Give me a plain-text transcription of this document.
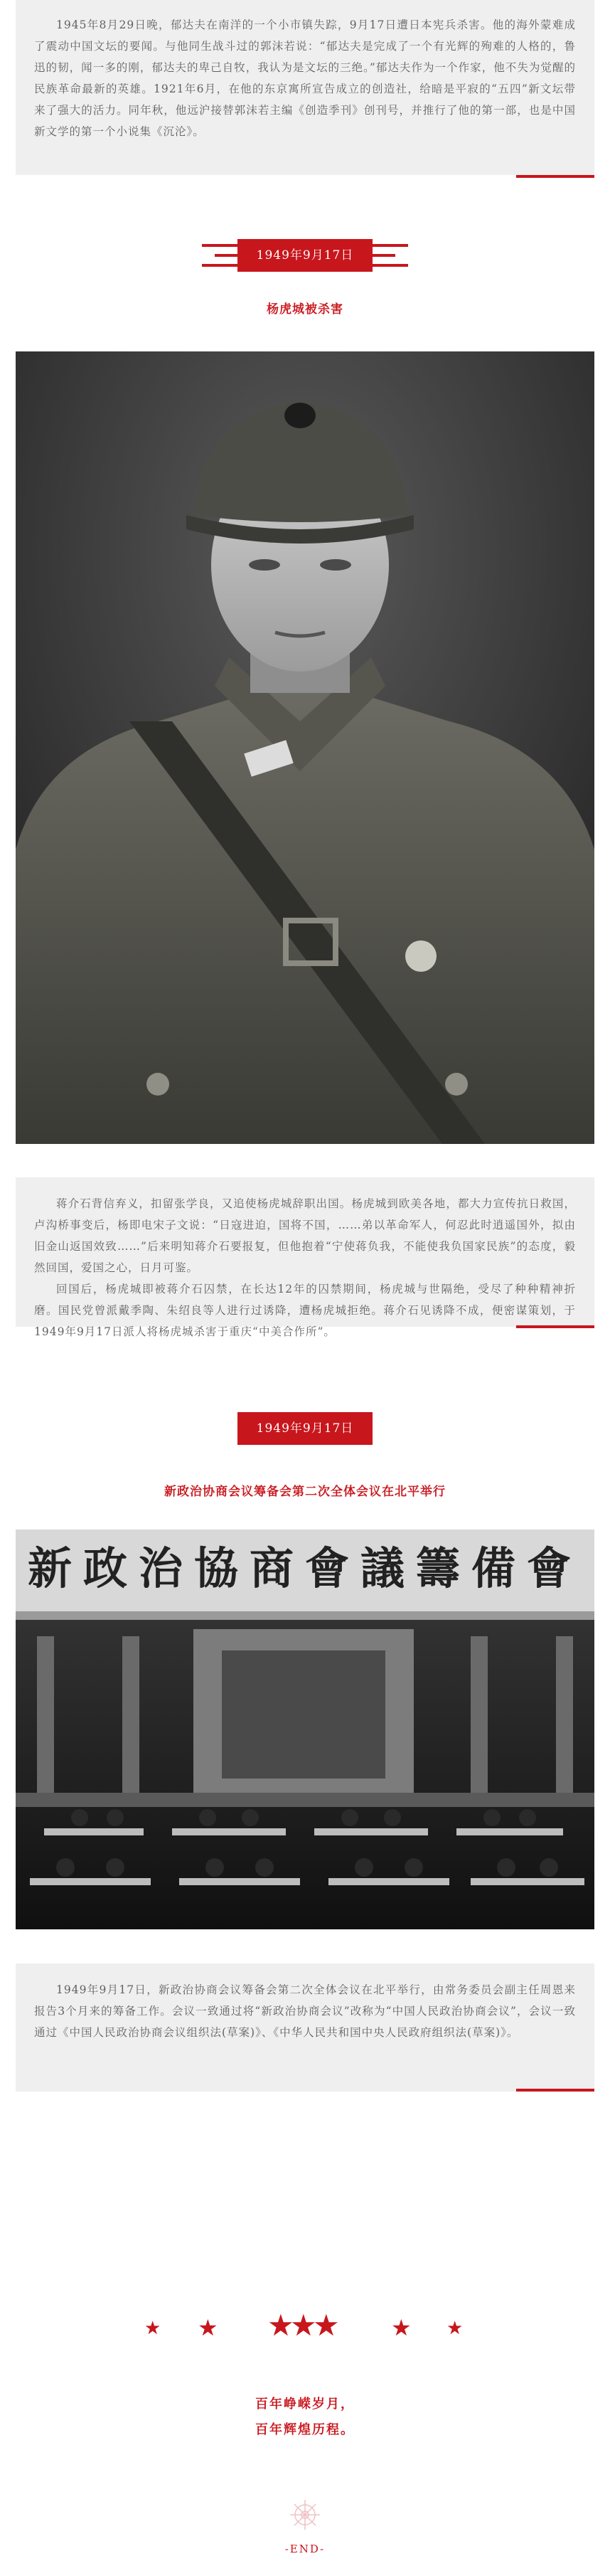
1945年8月29日晚，郁达夫在南洋的一个小市镇失踪，9月17日遭日本宪兵杀害。他的海外蒙难成了震动中国文坛的要闻。与他同生战斗过的郭沫若说：“郁达夫是完成了一个有光辉的殉难的人格的，鲁迅的韧，闻一多的刚，郁达夫的卑己自牧，我认为是文坛的三绝。”郁达夫作为一个作家，他不失为觉醒的民族革命最新的英雄。1921年6月，在他的东京寓所宣告成立的创造社，给暗是平寂的“五四”新文坛带来了强大的活力。同年秋，他远沪接替郭沫若主编《创造季刊》创刊号，并推行了他的第一部，也是中国新文学的第一个小说集《沉沦》。

1949年9月17日
杨虎城被杀害

蒋介石背信弃义，扣留张学良，又追使杨虎城辞职出国。杨虎城到欧美各地，都大力宣传抗日救国，卢沟桥事变后，杨即电宋子文说：“日寇进迫，国将不国，……弟以革命军人，何忍此时逍遥国外，拟由旧金山返国效致……”后来明知蒋介石要报复，但他抱着“宁使蒋负我，不能使我负国家民族”的态度，毅然回国，爱国之心，日月可鉴。

回国后，杨虎城即被蒋介石囚禁，在长达12年的囚禁期间，杨虎城与世隔绝，受尽了种种精神折磨。国民党曾派戴季陶、朱绍良等人进行过诱降，遭杨虎城拒绝。蒋介石见诱降不成，便密谋策划，于1949年9月17日派人将杨虎城杀害于重庆“中美合作所”。

1949年9月17日
新政治协商会议筹备会第二次全体会议在北平举行
新政治協商會議籌備會

1949年9月17日，新政治协商会议筹备会第二次全体会议在北平举行，由常务委员会副主任周恩来报告3个月来的筹备工作。会议一致通过将“新政治协商会议”改称为“中国人民政治协商会议”，会议一致通过《中国人民政治协商会议组织法(草案)》、《中华人民共和国中央人民政府组织法(草案)》。

★ ★ ★
★
★ ★ ★
百年峥嵘岁月，
百年辉煌历程。
-END-
